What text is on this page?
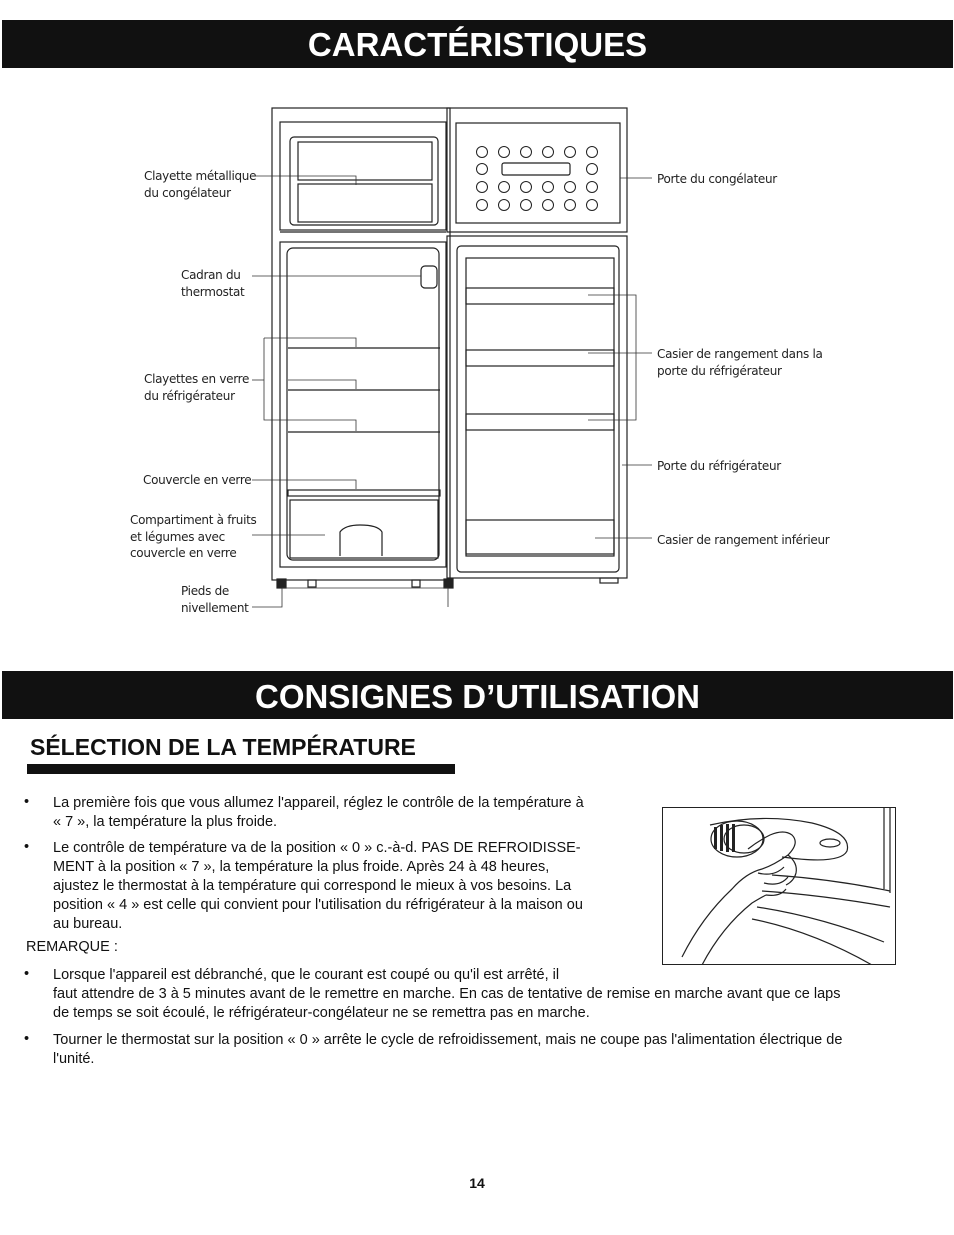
CARACTÉRISTIQUES
Clayette métallique
du congélateur
Cadran du
thermostat
Clayettes en verre
du réfrigérateur
Couvercle en verre
Compartiment à fruits
et légumes avec
couvercle en verre
Pieds de
nivellement
Porte du congélateur
Casier de rangement dans la
porte du réfrigérateur
Porte du réfrigérateur
Casier de rangement inférieur
CONSIGNES D’UTILISATION
SÉLECTION DE LA TEMPÉRATURE
• La première fois que vous allumez l'appareil, réglez le contrôle de la température à
« 7 », la température la plus froide.
• Le contrôle de température va de la position « 0 » c.-à-d. PAS DE REFROIDISSE-
MENT à la position « 7 », la température la plus froide. Après 24 à 48 heures,
ajustez le thermostat à la température qui correspond le mieux à vos besoins. La
position « 4 » est celle qui convient pour l'utilisation du réfrigérateur à la maison ou
au bureau.
REMARQUE :
• Lorsque l'appareil est débranché, que le courant est coupé ou qu'il est arrêté, il
faut attendre de 3 à 5 minutes avant de le remettre en marche. En cas de tentative de remise en marche avant que ce laps
de temps se soit écoulé, le réfrigérateur-congélateur ne se remettra pas en marche.
• Tourner le thermostat sur la position « 0 » arrête le cycle de refroidissement, mais ne coupe pas l'alimentation électrique de
l'unité.
14
